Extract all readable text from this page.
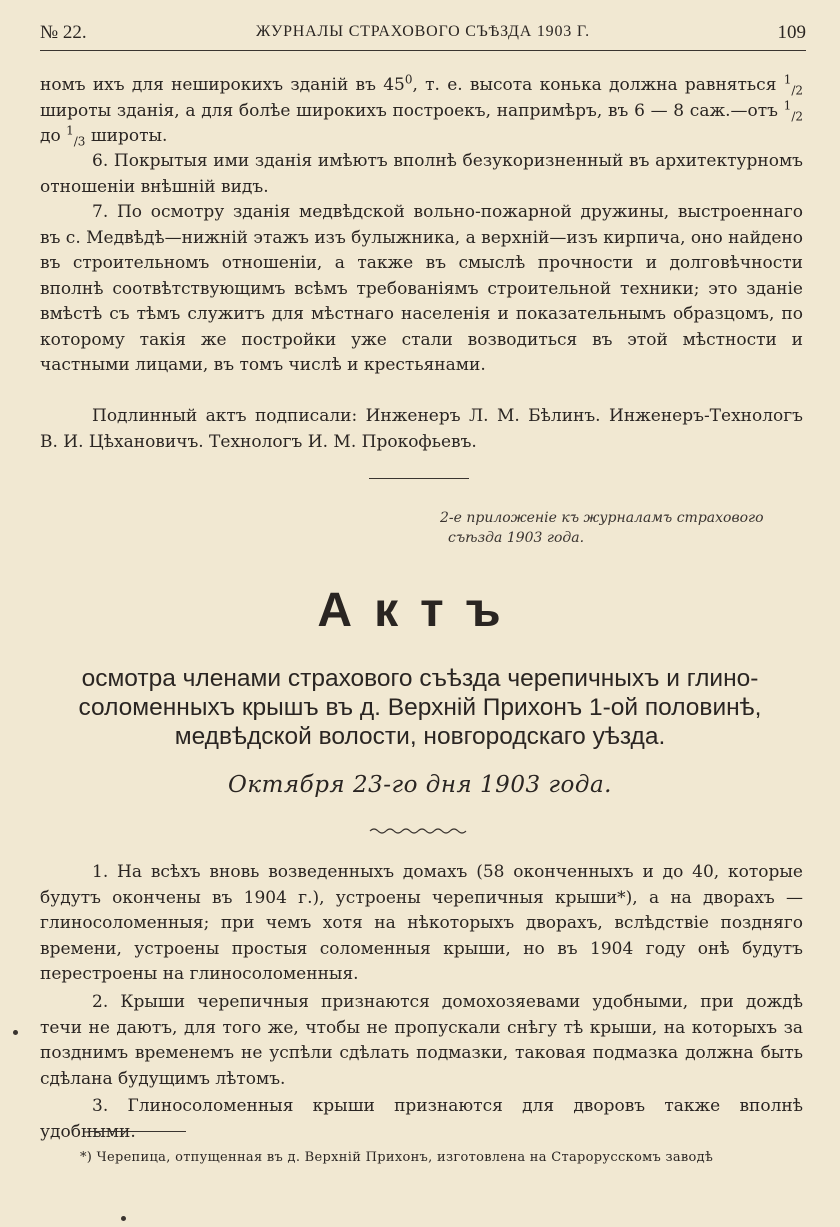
№ 22.	ЖУРНАЛЫ СТРАХОВОГО СЪѢЗДА 1903 Г.	109
номъ ихъ для неширокихъ зданій въ $45^0$, т. е. высота конька должна равняться $^1_{/2}$ широты зданія, а для болѣе широкихъ построекъ, напримѣръ, въ 6 — 8 саж.—отъ $^1_{/2}$ до $^1_{/3}$ широты.
6. Покрытыя ими зданія имѣютъ вполнѣ безукоризненный въ архитектурномъ отношеніи внѣшній видъ.
7. По осмотру зданія медвѣдской вольно-пожарной дружины, выстроеннаго въ с. Медвѣдѣ—нижній этажъ изъ булыжника, а верхній—изъ кирпича, оно найдено въ строительномъ отношеніи, а также въ смыслѣ прочности и долговѣчности вполнѣ соотвѣтствующимъ всѣмъ требованіямъ строительной техники; это зданіе вмѣстѣ съ тѣмъ служитъ для мѣстнаго населенія и показательнымъ образцомъ, по которому такія же постройки уже стали возводиться въ этой мѣстности и частными лицами, въ томъ числѣ и крестьянами.
Подлинный актъ подписали: Инженеръ Л. М. Бѣлинъ. Инженеръ-Технологъ В. И. Цѣхановичъ. Технологъ И. М. Прокофьевъ.
2-е приложеніе къ журналамъ страхового
съѣзда 1903 года.
Актъ
осмотра членами страхового съѣзда черепичныхъ и глино-
соломенныхъ крышъ въ д. Верхній Прихонъ 1-ой половинѣ,
медвѣдской волости, новгородскаго уѣзда.
Октября 23-го дня 1903 года.
1. На всѣхъ вновь возведенныхъ домахъ (58 оконченныхъ и до 40, которые будутъ окончены въ 1904 г.), устроены черепичныя крыши*), а на дворахъ — глиносоломенныя; при чемъ хотя на нѣкоторыхъ дворахъ, вслѣдствіе поздняго времени, устроены простыя соломенныя крыши, но въ 1904 году онѣ будутъ перестроены на глиносоломенныя.
2. Крыши черепичныя признаются домохозяевами удобными, при дождѣ течи не даютъ, для того же, чтобы не пропускали снѣгу тѣ крыши, на которыхъ за позднимъ временемъ не успѣли сдѣлать подмазки, таковая подмазка должна быть сдѣлана будущимъ лѣтомъ.
3. Глиносоломенныя крыши признаются для дворовъ также вполнѣ удобными.
*) Черепица, отпущенная въ д. Верхній Прихонъ, изготовлена на Старорусскомъ заводѣ
